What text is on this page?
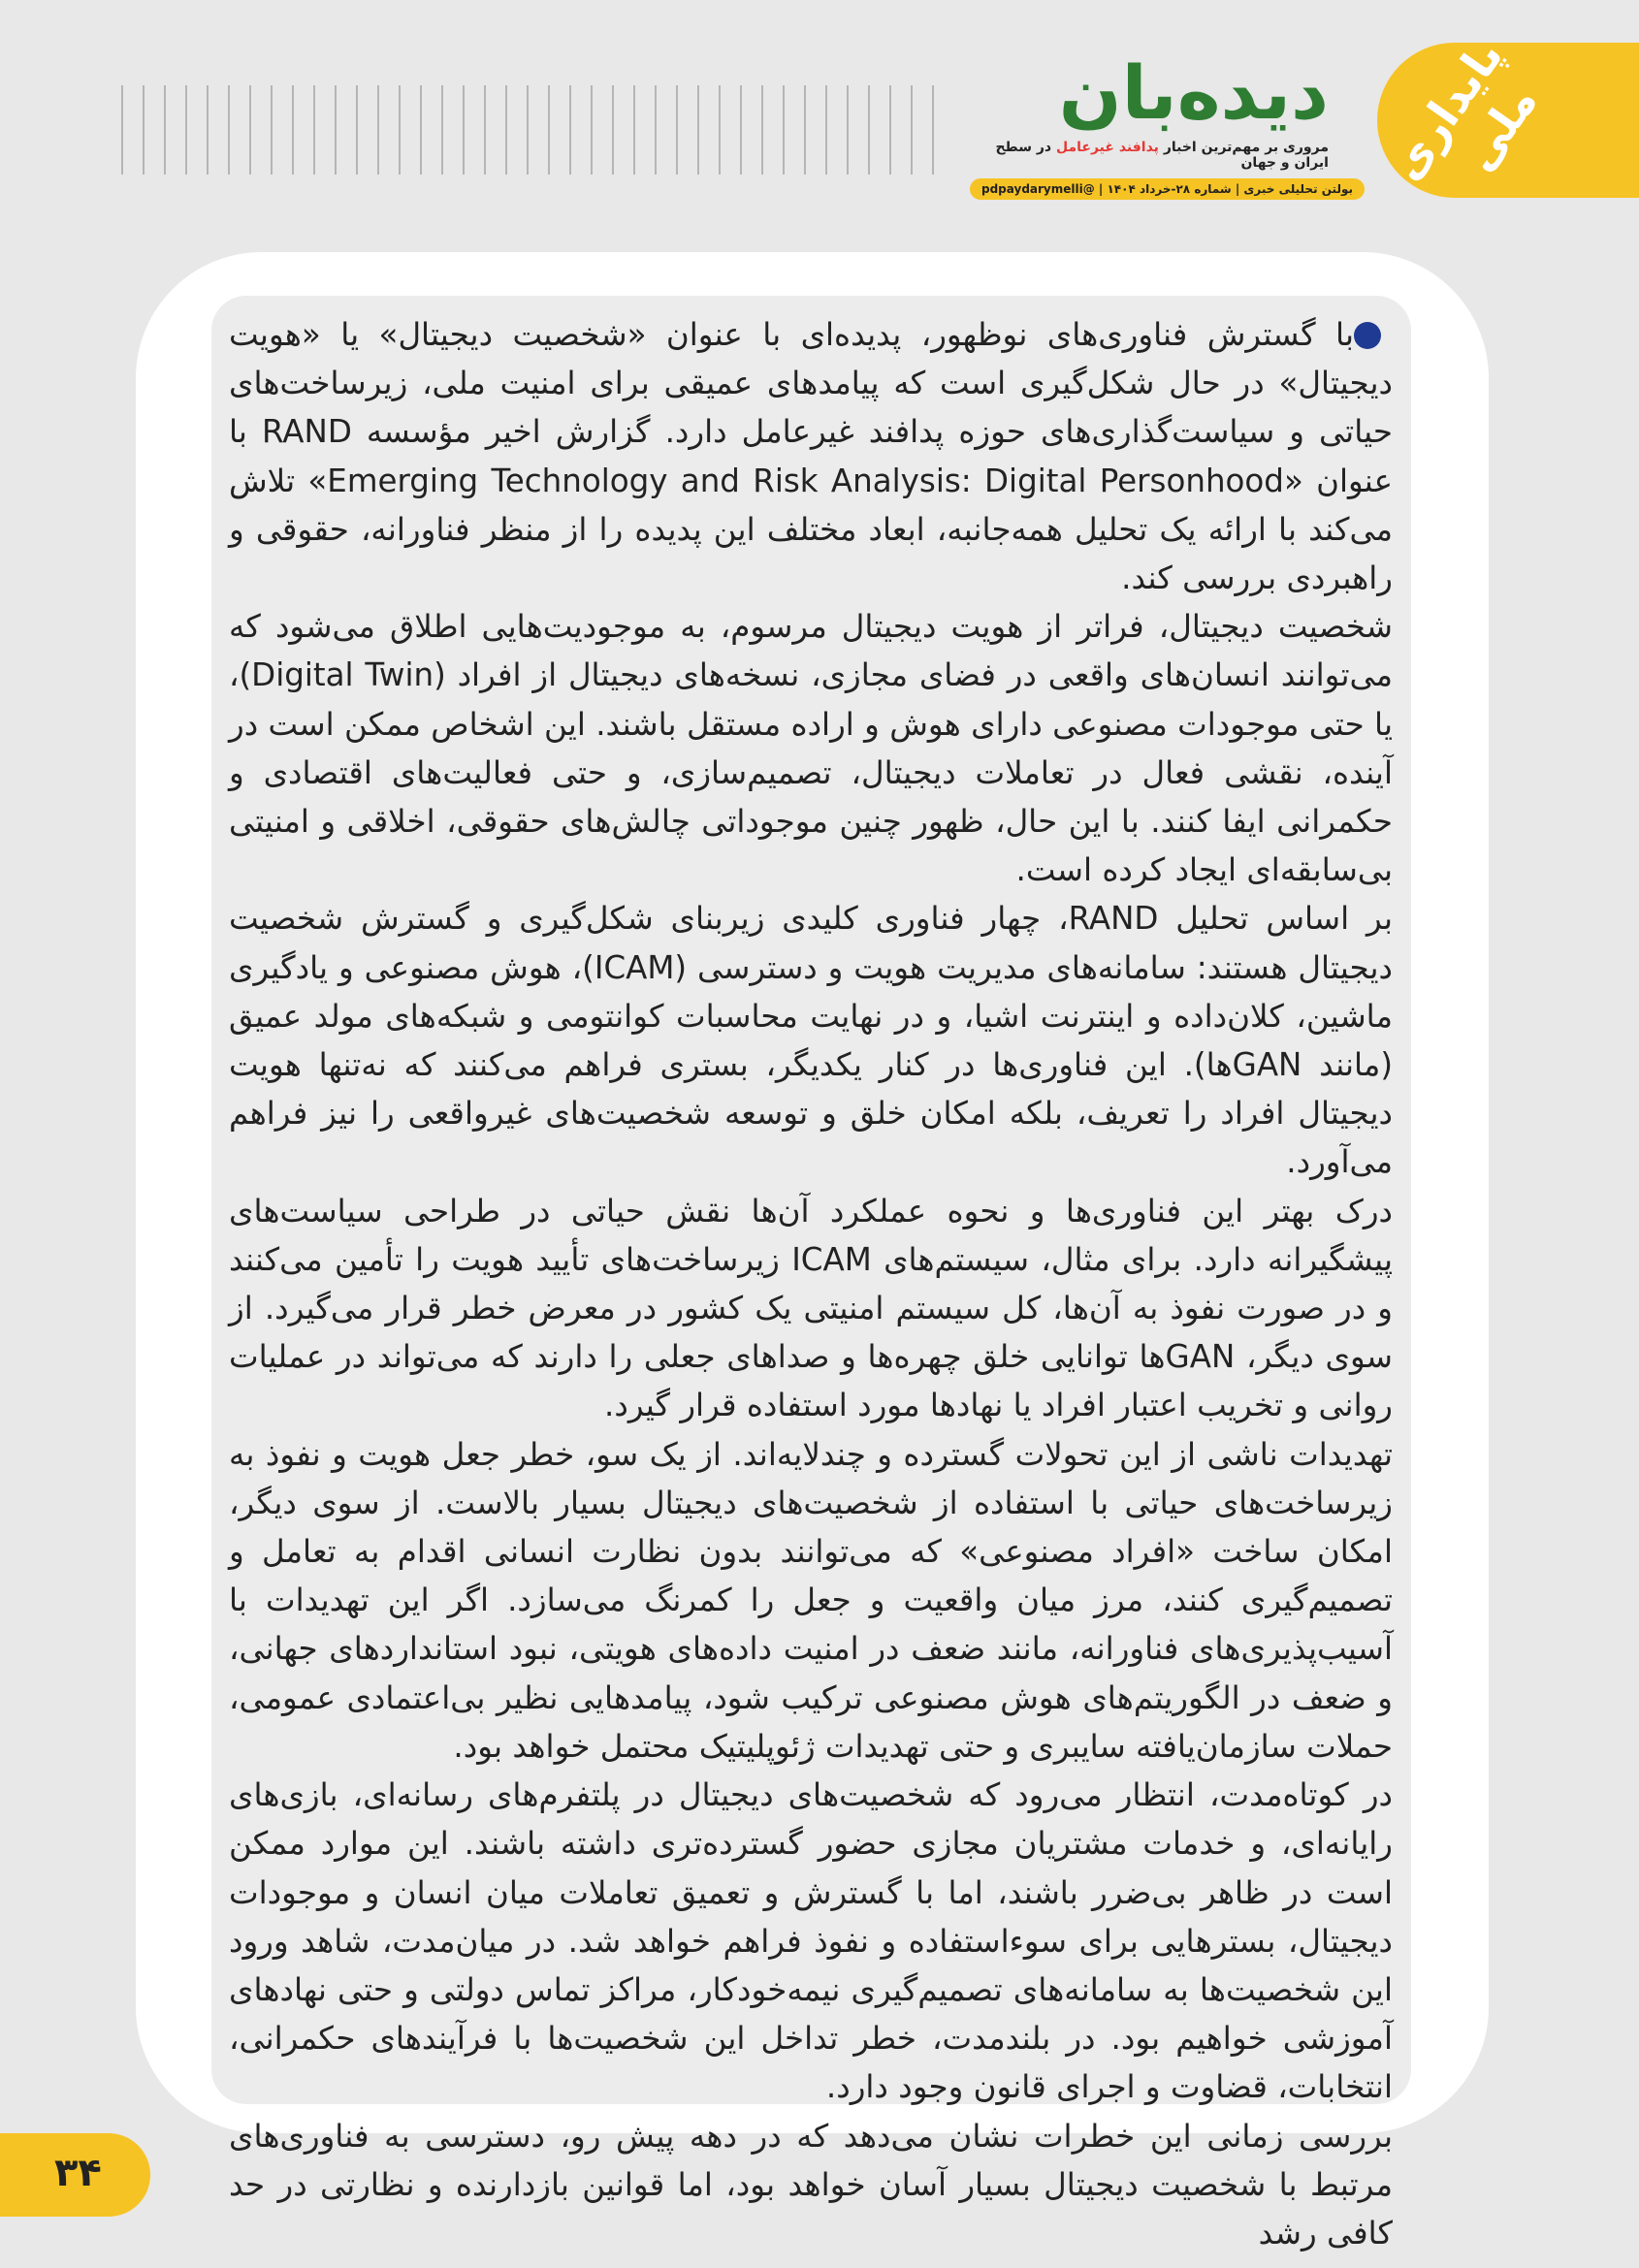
دیده‌بان
مروری بر مهم‌ترین اخبار پدافند غیرعامل در سطح ایران و جهان
بولتن تحلیلی خبری | شماره ۲۸-خرداد ۱۴۰۴ | @pdpaydarymelli پایداری ملی

با گسترش فناوری‌های نوظهور، پدیده‌ای با عنوان «شخصیت دیجیتال» یا «هویت دیجیتال» در حال شکل‌گیری است که پیامدهای عمیقی برای امنیت ملی، زیرساخت‌های حیاتی و سیاست‌گذاری‌های حوزه پدافند غیرعامل دارد. گزارش اخیر مؤسسه RAND با عنوان «Emerging Technology and Risk Analysis: Digital Personhood» تلاش می‌کند با ارائه یک تحلیل همه‌جانبه، ابعاد مختلف این پدیده را از منظر فناورانه، حقوقی و راهبردی بررسی کند.

شخصیت دیجیتال، فراتر از هویت دیجیتال مرسوم، به موجودیت‌هایی اطلاق می‌شود که می‌توانند انسان‌های واقعی در فضای مجازی، نسخه‌های دیجیتال از افراد (Digital Twin)، یا حتی موجودات مصنوعی دارای هوش و اراده مستقل باشند. این اشخاص ممکن است در آینده، نقشی فعال در تعاملات دیجیتال، تصمیم‌سازی، و حتی فعالیت‌های اقتصادی و حکمرانی ایفا کنند. با این حال، ظهور چنین موجوداتی چالش‌های حقوقی، اخلاقی و امنیتی بی‌سابقه‌ای ایجاد کرده است.

بر اساس تحلیل RAND، چهار فناوری کلیدی زیربنای شکل‌گیری و گسترش شخصیت دیجیتال هستند: سامانه‌های مدیریت هویت و دسترسی (ICAM)، هوش مصنوعی و یادگیری ماشین، کلان‌داده و اینترنت اشیا، و در نهایت محاسبات کوانتومی و شبکه‌های مولد عمیق (مانند GANها). این فناوری‌ها در کنار یکدیگر، بستری فراهم می‌کنند که نه‌تنها هویت دیجیتال افراد را تعریف، بلکه امکان خلق و توسعه شخصیت‌های غیرواقعی را نیز فراهم می‌آورد.

درک بهتر این فناوری‌ها و نحوه عملکرد آن‌ها نقش حیاتی در طراحی سیاست‌های پیشگیرانه دارد. برای مثال، سیستم‌های ICAM زیرساخت‌های تأیید هویت را تأمین می‌کنند و در صورت نفوذ به آن‌ها، کل سیستم امنیتی یک کشور در معرض خطر قرار می‌گیرد. از سوی دیگر، GANها توانایی خلق چهره‌ها و صداهای جعلی را دارند که می‌تواند در عملیات روانی و تخریب اعتبار افراد یا نهادها مورد استفاده قرار گیرد.

تهدیدات ناشی از این تحولات گسترده و چندلایه‌اند. از یک سو، خطر جعل هویت و نفوذ به زیرساخت‌های حیاتی با استفاده از شخصیت‌های دیجیتال بسیار بالاست. از سوی دیگر، امکان ساخت «افراد مصنوعی» که می‌توانند بدون نظارت انسانی اقدام به تعامل و تصمیم‌گیری کنند، مرز میان واقعیت و جعل را کمرنگ می‌سازد. اگر این تهدیدات با آسیب‌پذیری‌های فناورانه، مانند ضعف در امنیت داده‌های هویتی، نبود استانداردهای جهانی، و ضعف در الگوریتم‌های هوش مصنوعی ترکیب شود، پیامدهایی نظیر بی‌اعتمادی عمومی، حملات سازمان‌یافته سایبری و حتی تهدیدات ژئوپلیتیک محتمل خواهد بود.

در کوتاه‌مدت، انتظار می‌رود که شخصیت‌های دیجیتال در پلتفرم‌های رسانه‌ای، بازی‌های رایانه‌ای، و خدمات مشتریان مجازی حضور گسترده‌تری داشته باشند. این موارد ممکن است در ظاهر بی‌ضرر باشند، اما با گسترش و تعمیق تعاملات میان انسان و موجودات دیجیتال، بسترهایی برای سوءاستفاده و نفوذ فراهم خواهد شد. در میان‌مدت، شاهد ورود این شخصیت‌ها به سامانه‌های تصمیم‌گیری نیمه‌خودکار، مراکز تماس دولتی و حتی نهادهای آموزشی خواهیم بود. در بلندمدت، خطر تداخل این شخصیت‌ها با فرآیندهای حکمرانی، انتخابات، قضاوت و اجرای قانون وجود دارد.

بررسی زمانی این خطرات نشان می‌دهد که در دهه پیش رو، دسترسی به فناوری‌های مرتبط با شخصیت دیجیتال بسیار آسان خواهد بود، اما قوانین بازدارنده و نظارتی در حد کافی رشد

۳۴
